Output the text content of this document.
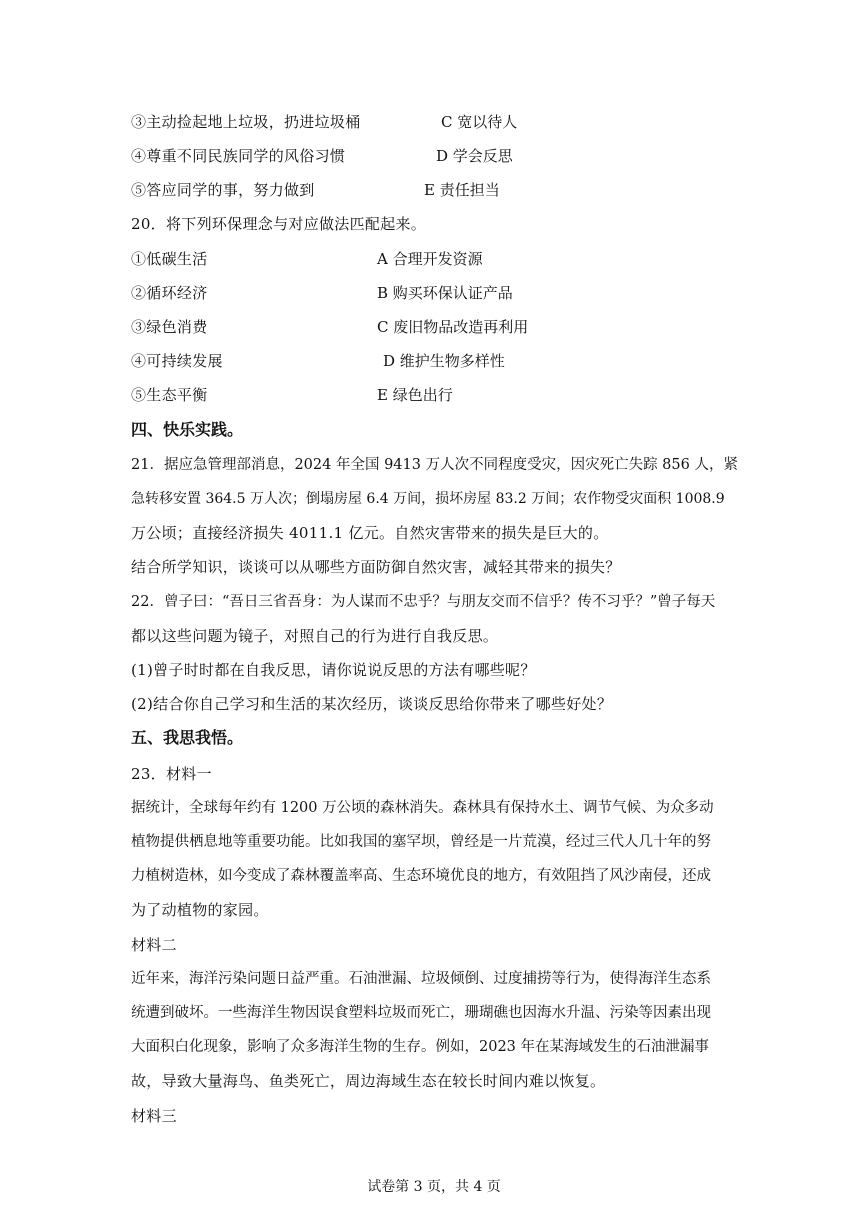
③主动捡起地上垃圾，扔进垃圾桶	C 宽以待人
④尊重不同民族同学的风俗习惯	D 学会反思
⑤答应同学的事，努力做到	E 责任担当
20．将下列环保理念与对应做法匹配起来。
①低碳生活	A 合理开发资源
②循环经济	B 购买环保认证产品
③绿色消费	C 废旧物品改造再利用
④可持续发展	D 维护生物多样性
⑤生态平衡	E 绿色出行
四、快乐实践。
21．据应急管理部消息，2024 年全国 9413 万人次不同程度受灾，因灾死亡失踪 856 人，紧
急转移安置 364.5 万人次；倒塌房屋 6.4 万间，损坏房屋 83.2 万间；农作物受灾面积 1008.9
万公顷；直接经济损失 4011.1 亿元。自然灾害带来的损失是巨大的。
结合所学知识，谈谈可以从哪些方面防御自然灾害，减轻其带来的损失？
22．曾子曰：“吾日三省吾身：为人谋而不忠乎？与朋友交而不信乎？传不习乎？”曾子每天
都以这些问题为镜子，对照自己的行为进行自我反思。
(1)曾子时时都在自我反思，请你说说反思的方法有哪些呢？
(2)结合你自己学习和生活的某次经历，谈谈反思给你带来了哪些好处？
五、我思我悟。
23．材料一
据统计，全球每年约有 1200 万公顷的森林消失。森林具有保持水土、调节气候、为众多动
植物提供栖息地等重要功能。比如我国的塞罕坝，曾经是一片荒漠，经过三代人几十年的努
力植树造林，如今变成了森林覆盖率高、生态环境优良的地方，有效阻挡了风沙南侵，还成
为了动植物的家园。
材料二
近年来，海洋污染问题日益严重。石油泄漏、垃圾倾倒、过度捕捞等行为，使得海洋生态系
统遭到破坏。一些海洋生物因误食塑料垃圾而死亡，珊瑚礁也因海水升温、污染等因素出现
大面积白化现象，影响了众多海洋生物的生存。例如，2023 年在某海域发生的石油泄漏事
故，导致大量海鸟、鱼类死亡，周边海域生态在较长时间内难以恢复。
材料三
试卷第 3 页，共 4 页
